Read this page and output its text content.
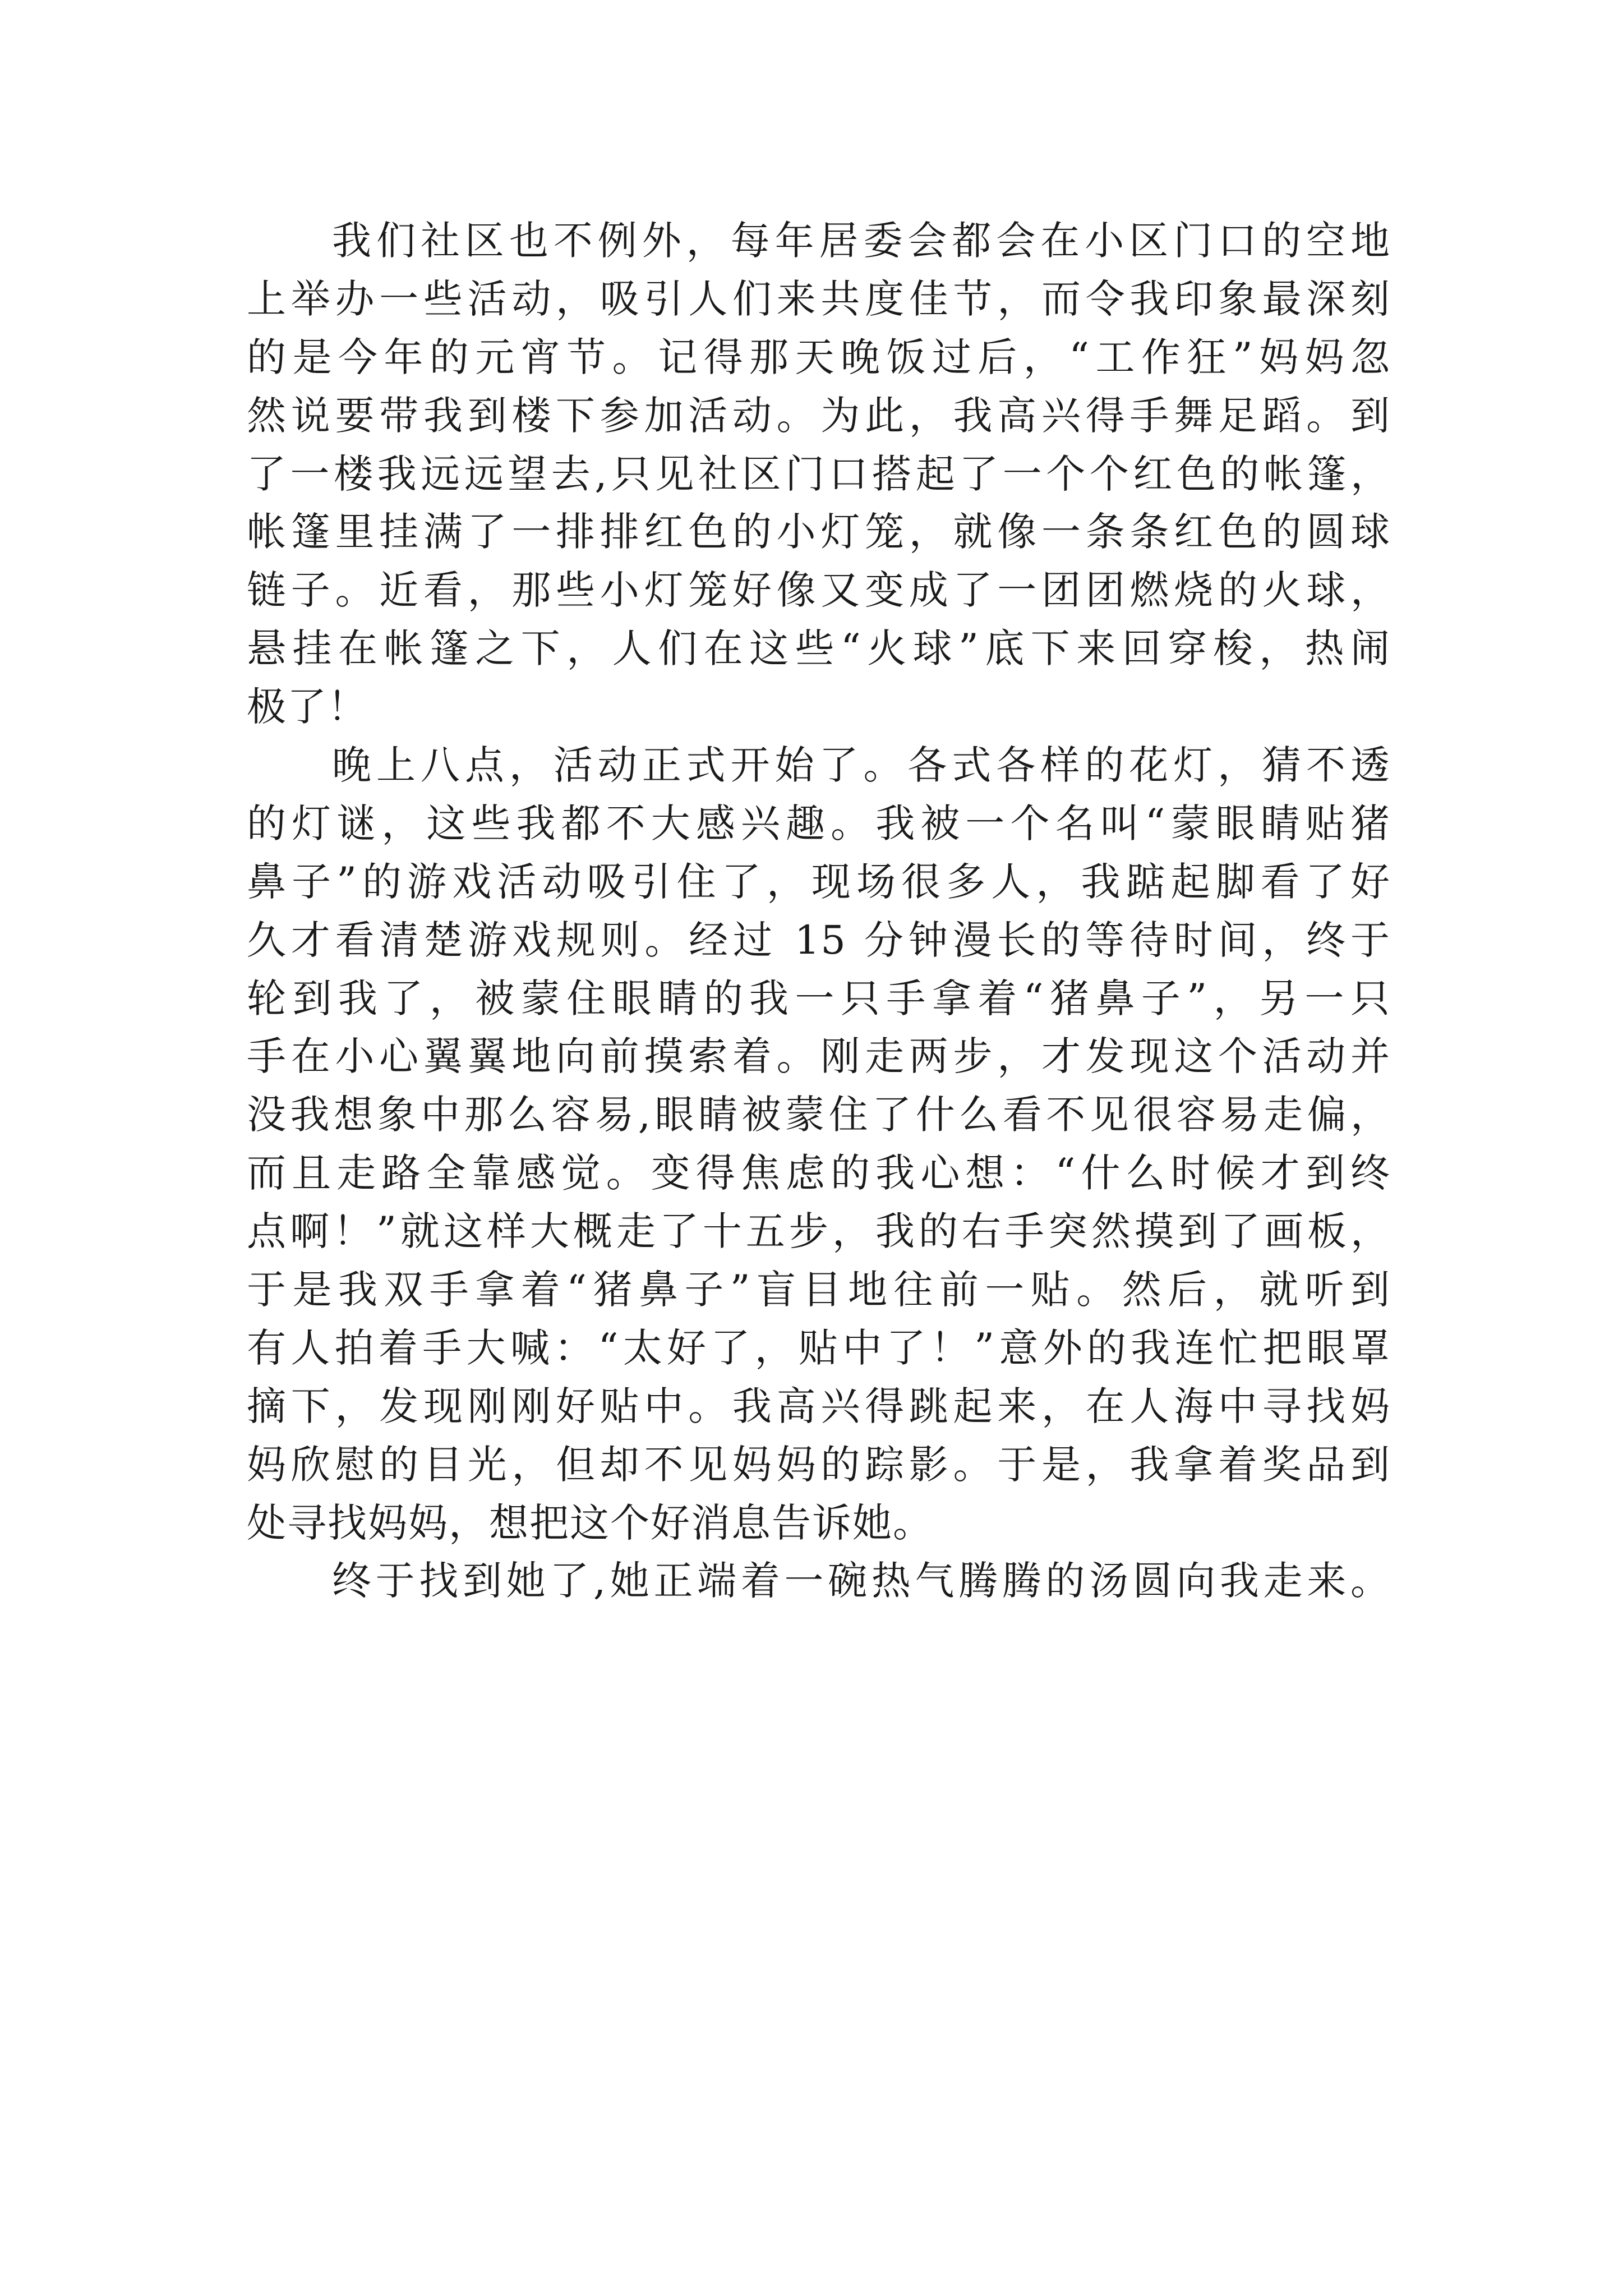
我们社区也不例外，每年居委会都会在小区门口的空地
上举办一些活动，吸引人们来共度佳节，而令我印象最深刻
的是今年的元宵节。记得那天晚饭过后，“工作狂”妈妈忽
然说要带我到楼下参加活动。为此，我高兴得手舞足蹈。到
了一楼我远远望去,只见社区门口搭起了一个个红色的帐篷，
帐篷里挂满了一排排红色的小灯笼，就像一条条红色的圆球
链子。近看，那些小灯笼好像又变成了一团团燃烧的火球，
悬挂在帐篷之下，人们在这些“火球”底下来回穿梭，热闹
极了！
晚上八点，活动正式开始了。各式各样的花灯，猜不透
的灯谜，这些我都不大感兴趣。我被一个名叫“蒙眼睛贴猪
鼻子”的游戏活动吸引住了，现场很多人，我踮起脚看了好
久才看清楚游戏规则。经过 15 分钟漫长的等待时间，终于
轮到我了，被蒙住眼睛的我一只手拿着“猪鼻子”，另一只
手在小心翼翼地向前摸索着。刚走两步，才发现这个活动并
没我想象中那么容易,眼睛被蒙住了什么看不见很容易走偏，
而且走路全靠感觉。变得焦虑的我心想：“什么时候才到终
点啊！”就这样大概走了十五步，我的右手突然摸到了画板，
于是我双手拿着“猪鼻子”盲目地往前一贴。然后，就听到
有人拍着手大喊：“太好了，贴中了！”意外的我连忙把眼罩
摘下，发现刚刚好贴中。我高兴得跳起来，在人海中寻找妈
妈欣慰的目光，但却不见妈妈的踪影。于是，我拿着奖品到
处寻找妈妈，想把这个好消息告诉她。
终于找到她了,她正端着一碗热气腾腾的汤圆向我走来。
